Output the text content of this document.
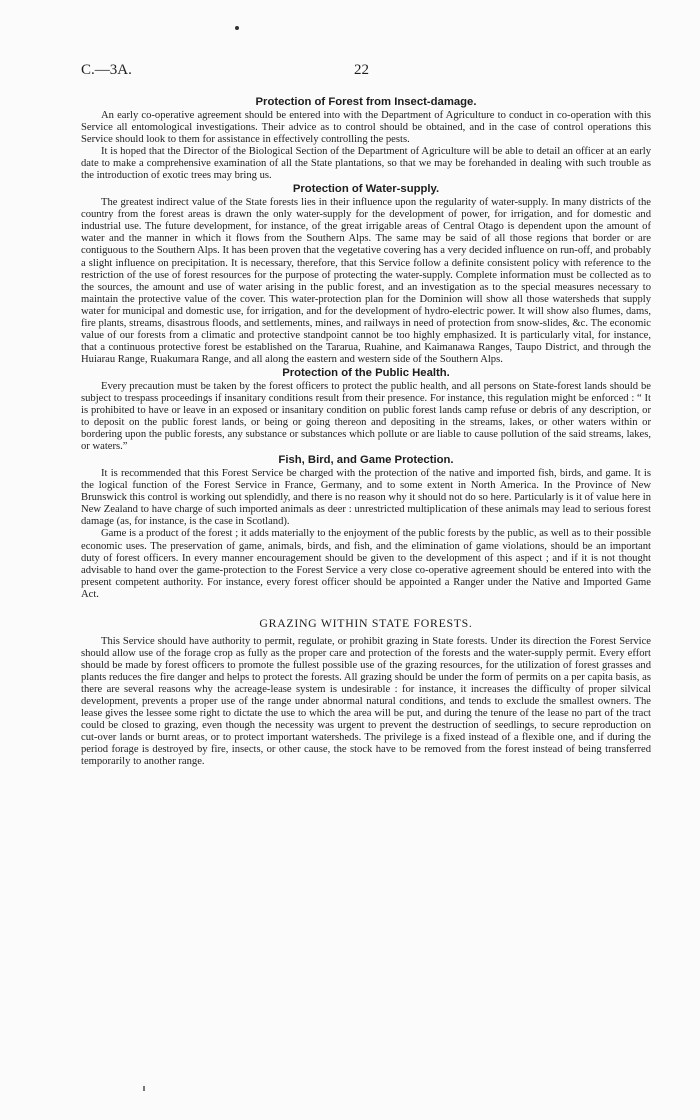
C.—3A.	22
Protection of Forest from Insect-damage.

An early co-operative agreement should be entered into with the Department of Agriculture to conduct in co-operation with this Service all entomological investigations. Their advice as to control should be obtained, and in the case of control operations this Service should look to them for assistance in effectively controlling the pests.

It is hoped that the Director of the Biological Section of the Department of Agriculture will be able to detail an officer at an early date to make a comprehensive examination of all the State plantations, so that we may be forehanded in dealing with such trouble as the introduction of exotic trees may bring us.

Protection of Water-supply.

The greatest indirect value of the State forests lies in their influence upon the regularity of water-supply. In many districts of the country from the forest areas is drawn the only water-supply for the development of power, for irrigation, and for domestic and industrial use. The future development, for instance, of the great irrigable areas of Central Otago is dependent upon the amount of water and the manner in which it flows from the Southern Alps. The same may be said of all those regions that border or are contiguous to the Southern Alps. It has been proven that the vegetative covering has a very decided influence on run-off, and probably a slight influence on precipitation. It is necessary, therefore, that this Service follow a definite consistent policy with reference to the restriction of the use of forest resources for the purpose of protecting the water-supply. Complete information must be collected as to the sources, the amount and use of water arising in the public forest, and an investigation as to the special measures necessary to maintain the protective value of the cover. This water-protection plan for the Dominion will show all those watersheds that supply water for municipal and domestic use, for irrigation, and for the development of hydro-electric power. It will show also flumes, dams, fire plants, streams, disastrous floods, and settlements, mines, and railways in need of protection from snow-slides, &c. The economic value of our forests from a climatic and protective standpoint cannot be too highly emphasized. It is particularly vital, for instance, that a continuous protective forest be established on the Tararua, Ruahine, and Kaimanawa Ranges, Taupo District, and through the Huiarau Range, Ruakumara Range, and all along the eastern and western side of the Southern Alps.

Protection of the Public Health.

Every precaution must be taken by the forest officers to protect the public health, and all persons on State-forest lands should be subject to trespass proceedings if insanitary conditions result from their presence. For instance, this regulation might be enforced : “ It is prohibited to have or leave in an exposed or insanitary condition on public forest lands camp refuse or debris of any description, or to deposit on the public forest lands, or being or going thereon and depositing in the streams, lakes, or other waters within or bordering upon the public forests, any substance or substances which pollute or are liable to cause pollution of the said streams, lakes, or waters.”

Fish, Bird, and Game Protection.

It is recommended that this Forest Service be charged with the protection of the native and imported fish, birds, and game. It is the logical function of the Forest Service in France, Germany, and to some extent in North America. In the Province of New Brunswick this control is working out splendidly, and there is no reason why it should not do so here. Particularly is it of value here in New Zealand to have charge of such imported animals as deer : unrestricted multiplication of these animals may lead to serious forest damage (as, for instance, is the case in Scotland).

Game is a product of the forest ; it adds materially to the enjoyment of the public forests by the public, as well as to their possible economic uses. The preservation of game, animals, birds, and fish, and the elimination of game violations, should be an important duty of forest officers. In every manner encouragement should be given to the development of this aspect ; and if it is not thought advisable to hand over the game-protection to the Forest Service a very close co-operative agreement should be entered into with the present competent authority. For instance, every forest officer should be appointed a Ranger under the Native and Imported Game Act.

GRAZING WITHIN STATE FORESTS.

This Service should have authority to permit, regulate, or prohibit grazing in State forests. Under its direction the Forest Service should allow use of the forage crop as fully as the proper care and protection of the forests and the water-supply permit. Every effort should be made by forest officers to promote the fullest possible use of the grazing resources, for the utilization of forest grasses and plants reduces the fire danger and helps to protect the forests. All grazing should be under the form of permits on a per capita basis, as there are several reasons why the acreage-lease system is undesirable : for instance, it increases the difficulty of proper silvical development, prevents a proper use of the range under abnormal natural conditions, and tends to exclude the smallest owners. The lease gives the lessee some right to dictate the use to which the area will be put, and during the tenure of the lease no part of the tract could be closed to grazing, even though the necessity was urgent to prevent the destruction of seedlings, to secure reproduction on cut-over lands or burnt areas, or to protect important watersheds. The privilege is a fixed instead of a flexible one, and if during the period forage is destroyed by fire, insects, or other cause, the stock have to be removed from the forest instead of being transferred temporarily to another range.
